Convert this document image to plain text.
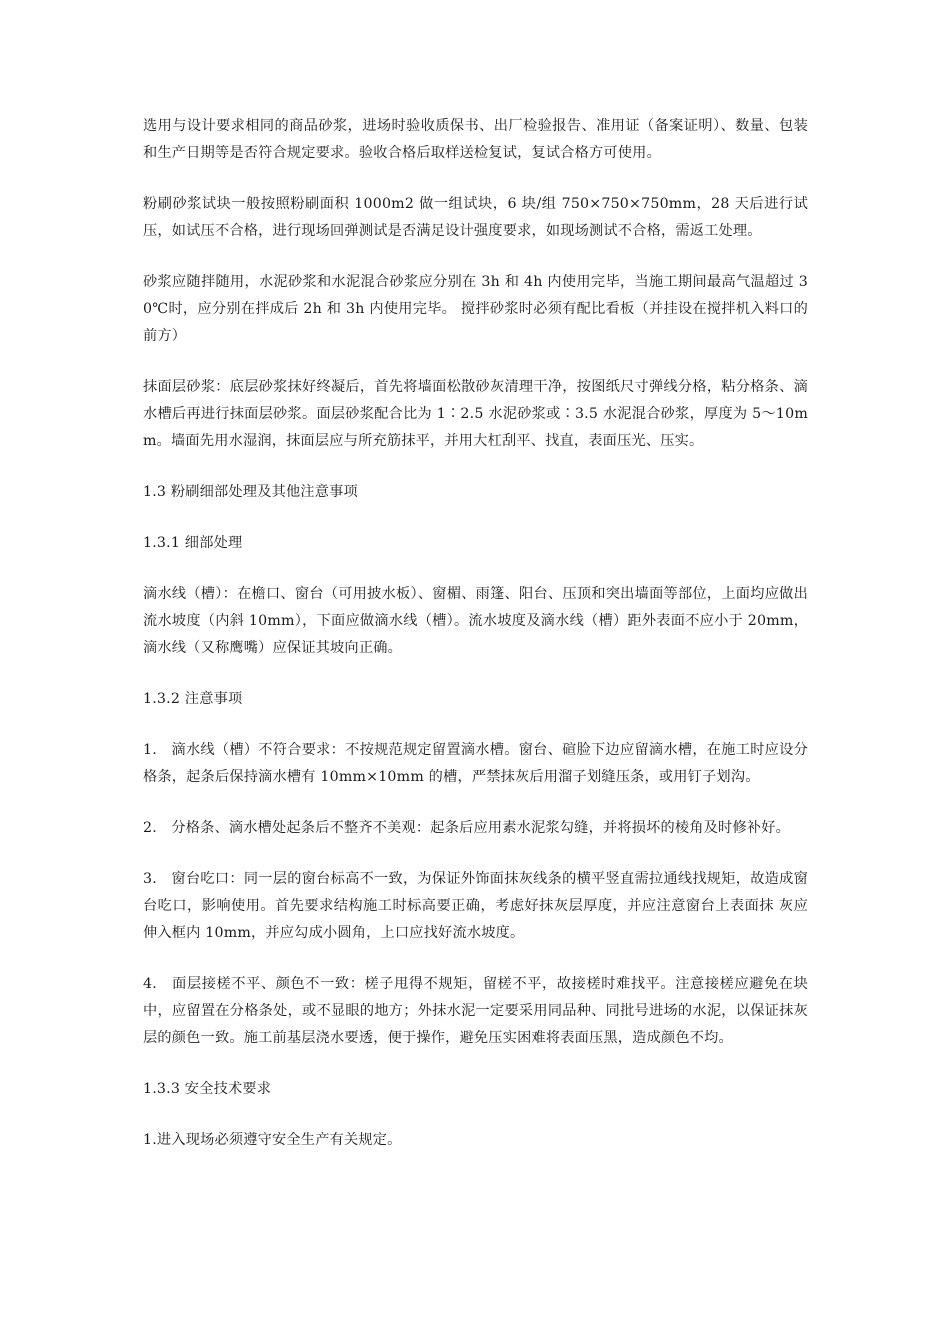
选用与设计要求相同的商品砂浆，进场时验收质保书、出厂检验报告、准用证（备案证明）、数量、包装和生产日期等是否符合规定要求。验收合格后取样送检复试，复试合格方可使用。

粉刷砂浆试块一般按照粉刷面积 1000m2 做一组试块，6 块/组 750×750×750mm，28 天后进行试压，如试压不合格，进行现场回弹测试是否满足设计强度要求，如现场测试不合格，需返工处理。

砂浆应随拌随用，水泥砂浆和水泥混合砂浆应分别在 3h 和 4h 内使用完毕，当施工期间最高气温超过 30℃时，应分别在拌成后 2h 和 3h 内使用完毕。 搅拌砂浆时必须有配比看板（并挂设在搅拌机入料口的前方）

抹面层砂浆：底层砂浆抹好终凝后，首先将墙面松散砂灰清理干净，按图纸尺寸弹线分格，粘分格条、滴水槽后再进行抹面层砂浆。面层砂浆配合比为 1∶2.5 水泥砂浆或∶3.5 水泥混合砂浆，厚度为 5～10mm。墙面先用水湿润，抹面层应与所充筋抹平，并用大杠刮平、找直，表面压光、压实。

1.3 粉刷细部处理及其他注意事项

1.3.1 细部处理

滴水线（槽）：在檐口、窗台（可用披水板）、窗楣、雨篷、阳台、压顶和突出墙面等部位，上面均应做出流水坡度（内斜 10mm），下面应做滴水线（槽）。流水坡度及滴水线（槽）距外表面不应小于 20mm，滴水线（又称鹰嘴）应保证其坡向正确。

1.3.2 注意事项

1.　滴水线（槽）不符合要求：不按规范规定留置滴水槽。窗台、碹脸下边应留滴水槽，在施工时应设分格条，起条后保持滴水槽有 10mm×10mm 的槽，严禁抹灰后用溜子划缝压条，或用钉子划沟。

2.　分格条、滴水槽处起条后不整齐不美观：起条后应用素水泥浆勾缝，并将损坏的棱角及时修补好。

3.　窗台吃口：同一层的窗台标高不一致，为保证外饰面抹灰线条的横平竖直需拉通线找规矩，故造成窗台吃口，影响使用。首先要求结构施工时标高要正确，考虑好抹灰层厚度，并应注意窗台上表面抹 灰应伸入框内 10mm，并应勾成小圆角，上口应找好流水坡度。

4.　面层接槎不平、颜色不一致：槎子甩得不规矩，留槎不平，故接槎时难找平。注意接槎应避免在块中，应留置在分格条处，或不显眼的地方；外抹水泥一定要采用同品种、同批号进场的水泥，以保证抹灰层的颜色一致。施工前基层浇水要透，便于操作，避免压实困难将表面压黑，造成颜色不均。

1.3.3 安全技术要求

1.进入现场必须遵守安全生产有关规定。
